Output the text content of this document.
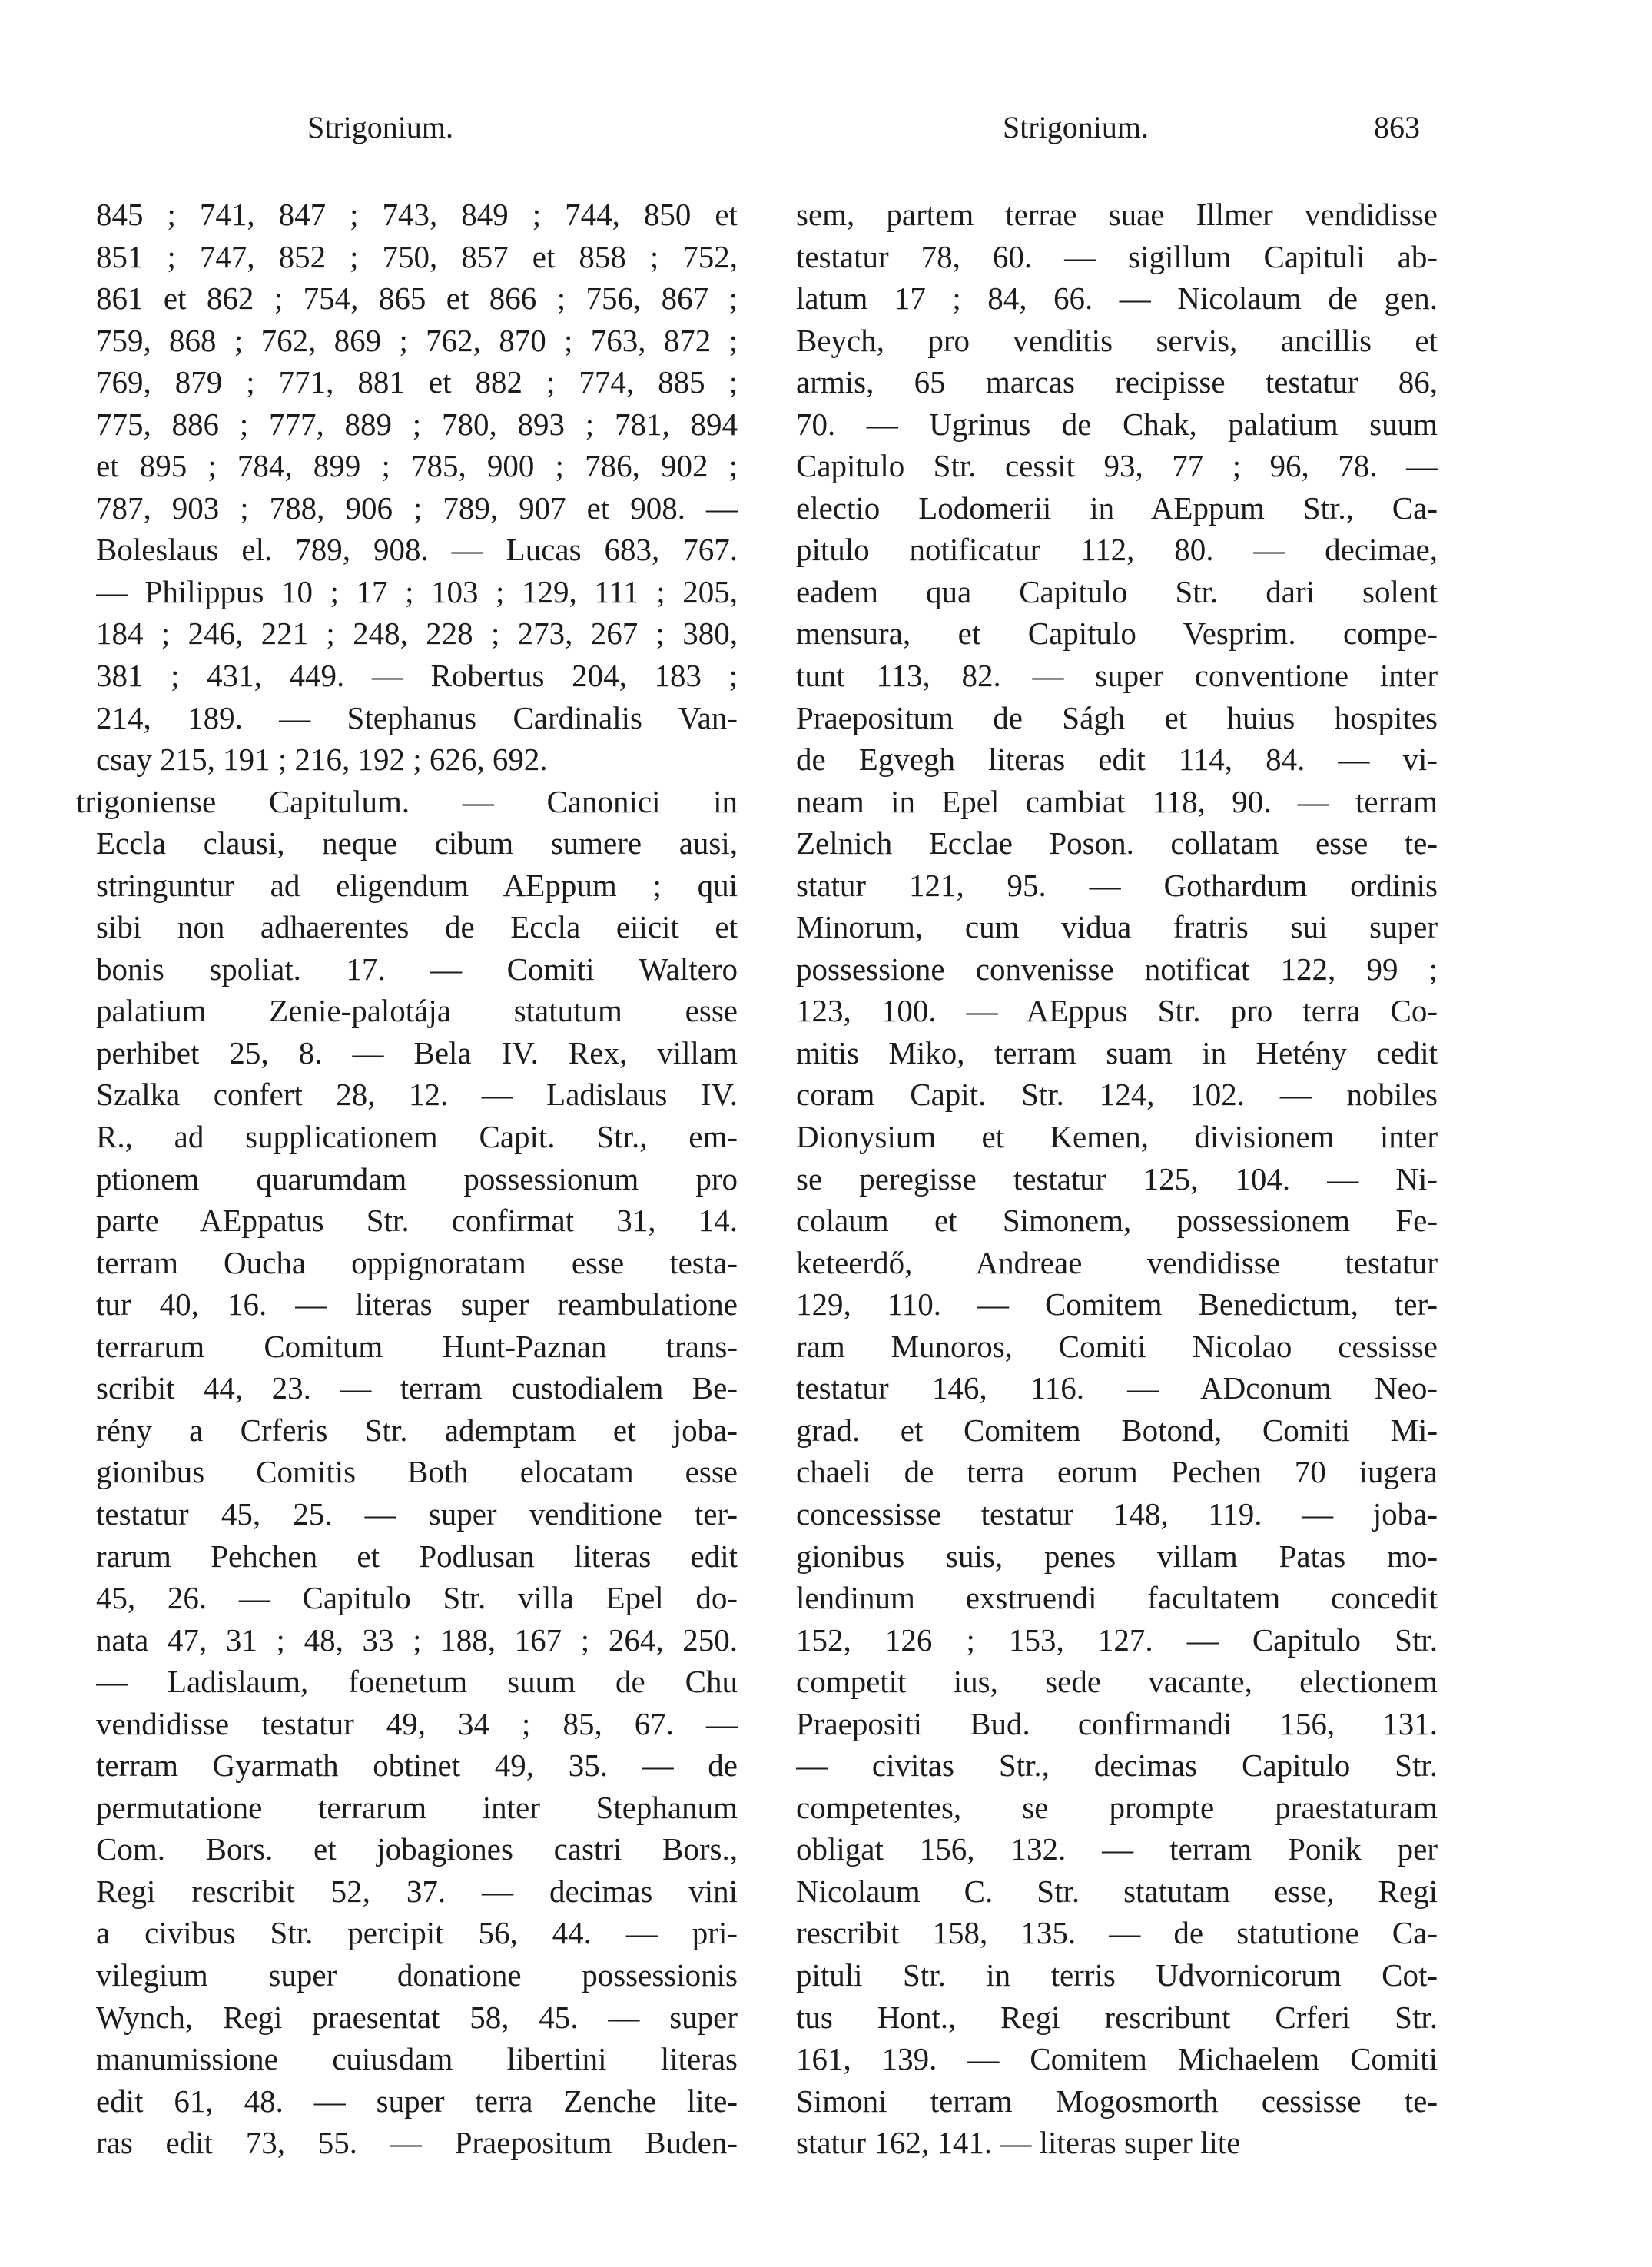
Strigonium.	Strigonium.	863
845 ; 741, 847 ; 743, 849 ; 744, 850 et
851 ; 747, 852 ; 750, 857 et 858 ; 752,
861 et 862 ; 754, 865 et 866 ; 756, 867 ;
759, 868 ; 762, 869 ; 762, 870 ; 763, 872 ;
769, 879 ; 771, 881 et 882 ; 774, 885 ;
775, 886 ; 777, 889 ; 780, 893 ; 781, 894
et 895 ; 784, 899 ; 785, 900 ; 786, 902 ;
787, 903 ; 788, 906 ; 789, 907 et 908. —
Boleslaus el. 789, 908. — Lucas 683, 767.
— Philippus 10 ; 17 ; 103 ; 129, 111 ; 205,
184 ; 246, 221 ; 248, 228 ; 273, 267 ; 380,
381 ; 431, 449. — Robertus 204, 183 ;
214, 189. — Stephanus Cardinalis Van-
csay 215, 191 ; 216, 192 ; 626, 692.
trigoniense Capitulum. — Canonici in
Eccla clausi, neque cibum sumere ausi,
stringuntur ad eligendum AEppum ; qui
sibi non adhaerentes de Eccla eiicit et
bonis spoliat. 17. — Comiti Waltero
palatium Zenie-palotája statutum esse
perhibet 25, 8. — Bela IV. Rex, villam
Szalka confert 28, 12. — Ladislaus IV.
R., ad supplicationem Capit. Str., em-
ptionem quarumdam possessionum pro
parte AEppatus Str. confirmat 31, 14.
terram Oucha oppignoratam esse testa-
tur 40, 16. — literas super reambulatione
terrarum Comitum Hunt-Paznan trans-
scribit 44, 23. — terram custodialem Be-
rény a Crferis Str. ademptam et joba-
gionibus Comitis Both elocatam esse
testatur 45, 25. — super venditione ter-
rarum Pehchen et Podlusan literas edit
45, 26. — Capitulo Str. villa Epel do-
nata 47, 31 ; 48, 33 ; 188, 167 ; 264, 250.
— Ladislaum, foenetum suum de Chu
vendidisse testatur 49, 34 ; 85, 67. —
terram Gyarmath obtinet 49, 35. — de
permutatione terrarum inter Stephanum
Com. Bors. et jobagiones castri Bors.,
Regi rescribit 52, 37. — decimas vini
a civibus Str. percipit 56, 44. — pri-
vilegium super donatione possessionis
Wynch, Regi praesentat 58, 45. — super
manumissione cuiusdam libertini literas
edit 61, 48. — super terra Zenche lite-
ras edit 73, 55. — Praepositum Buden-
sem, partem terrae suae Illmer vendidisse
testatur 78, 60. — sigillum Capituli ab-
latum 17 ; 84, 66. — Nicolaum de gen.
Beych, pro venditis servis, ancillis et
armis, 65 marcas recipisse testatur 86,
70. — Ugrinus de Chak, palatium suum
Capitulo Str. cessit 93, 77 ; 96, 78. —
electio Lodomerii in AEppum Str., Ca-
pitulo notificatur 112, 80. — decimae,
eadem qua Capitulo Str. dari solent
mensura, et Capitulo Vesprim. compe-
tunt 113, 82. — super conventione inter
Praepositum de Ságh et huius hospites
de Egvegh literas edit 114, 84. — vi-
neam in Epel cambiat 118, 90. — terram
Zelnich Ecclae Poson. collatam esse te-
statur 121, 95. — Gothardum ordinis
Minorum, cum vidua fratris sui super
possessione convenisse notificat 122, 99 ;
123, 100. — AEppus Str. pro terra Co-
mitis Miko, terram suam in Hetény cedit
coram Capit. Str. 124, 102. — nobiles
Dionysium et Kemen, divisionem inter
se peregisse testatur 125, 104. — Ni-
colaum et Simonem, possessionem Fe-
keteerdő, Andreae vendidisse testatur
129, 110. — Comitem Benedictum, ter-
ram Munoros, Comiti Nicolao cessisse
testatur 146, 116. — ADconum Neo-
grad. et Comitem Botond, Comiti Mi-
chaeli de terra eorum Pechen 70 iugera
concessisse testatur 148, 119. — joba-
gionibus suis, penes villam Patas mo-
lendinum exstruendi facultatem concedit
152, 126 ; 153, 127. — Capitulo Str.
competit ius, sede vacante, electionem
Praepositi Bud. confirmandi 156, 131.
— civitas Str., decimas Capitulo Str.
competentes, se prompte praestaturam
obligat 156, 132. — terram Ponik per
Nicolaum C. Str. statutam esse, Regi
rescribit 158, 135. — de statutione Ca-
pituli Str. in terris Udvornicorum Cot-
tus Hont., Regi rescribunt Crferi Str.
161, 139. — Comitem Michaelem Comiti
Simoni terram Mogosmorth cessisse te-
statur 162, 141. — literas super lite
